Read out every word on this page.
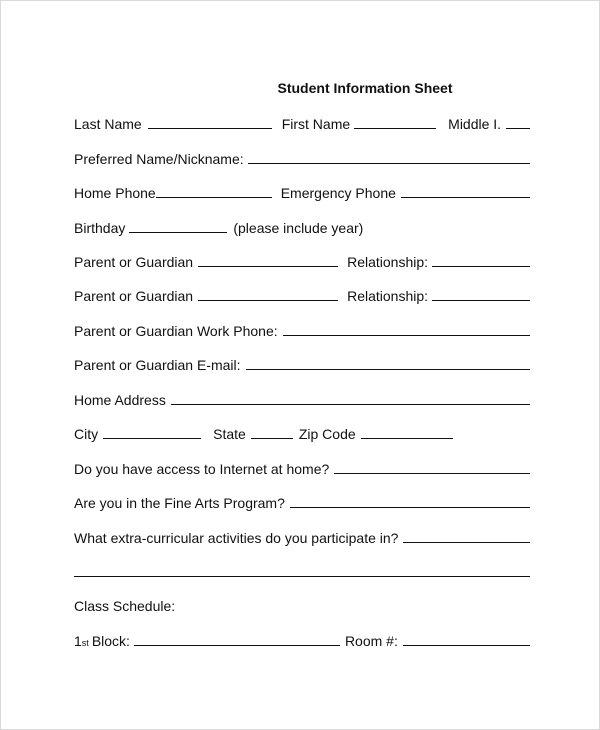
Student Information Sheet
Last Name	First Name	Middle I.
Preferred Name/Nickname:
Home Phone	Emergency Phone
Birthday	(please include year)
Parent or Guardian	Relationship:
Parent or Guardian	Relationship:
Parent or Guardian Work Phone:
Parent or Guardian E-mail:
Home Address
City	State	Zip Code
Do you have access to Internet at home?
Are you in the Fine Arts Program?
What extra-curricular activities do you participate in?
Class Schedule:
1 st Block:	Room #:
